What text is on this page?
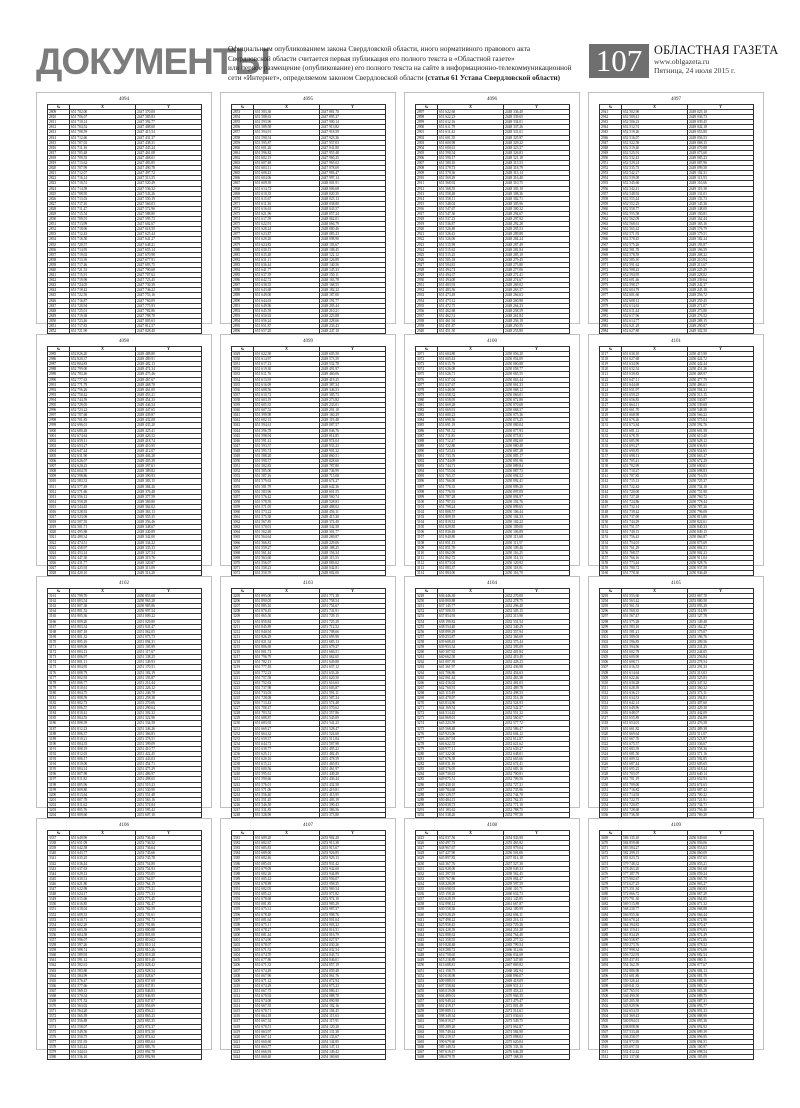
ДОКУМЕНТЫ
Официальным опубликованием закона Свердловской области, иного нормативного правового акта
Свердловской области считается первая публикация его полного текста в «Областной газете»
или первое размещение (опубликование) его полного текста на сайте в информационно-телекоммуникационной
сети «Интернет», определяемом законом Свердловской области (статья 61 Устава Свердловской области)	107 ОБЛАСТНАЯ ГАЗЕТА
www.oblgazeta.ru
Пятница, 24 июля 2015 г.
4094
№	X	Y
2809	651 702,00	2447 370,00
2810	651 706,07	2447 385,83
2811	651 710,14	2447 392,77
2812	651 704,52	2447 408,60
2813	651 708,59	2447 415,54
2814	651 712,66	2447 431,37
2815	651 707,03	2447 438,31
2816	651 711,10	2447 445,24
2817	651 705,48	2447 461,08
2818	651 709,55	2447 468,01
2819	651 713,62	2447 483,85
2820	651 707,99	2447 490,78
2821	651 712,07	2447 497,72
2822	651 716,14	2447 513,55
2823	651 710,51	2447 520,49
2824	651 714,58	2447 536,32
2825	651 708,95	2447 543,26
2826	651 713,03	2447 550,19
2827	651 717,10	2447 566,03
2828	651 711,47	2447 572,96
2829	651 715,54	2447 588,80
2830	651 709,91	2447 595,73
2831	651 713,99	2447 602,67
2832	651 718,06	2447 618,50
2833	651 712,43	2447 625,44
2834	651 716,50	2447 641,27
2835	651 720,57	2447 648,21
2836	651 714,95	2447 655,14
2837	651 719,02	2447 670,98
2838	651 713,39	2447 677,91
2839	651 717,46	2447 693,75
2840	651 721,53	2447 700,68
2841	651 715,91	2447 707,62
2842	651 719,98	2447 723,45
2843	651 724,05	2447 730,39
2844	651 718,42	2447 746,22
2845	651 722,50	2447 753,16
2846	651 716,87	2447 760,09
2847	651 720,94	2447 775,93
2848	651 725,01	2447 782,86
2849	651 719,38	2447 798,70
2850	651 723,46	2447 805,63
2851	651 717,83	2447 812,57
2852	651 721,90	2447 828,40
4095
№	X	Y
2853	651 583,30	2447 881,70
2854	651 588,63	2447 895,37
2855	651 593,96	2447 900,14
2856	651 589,58	2447 913,82
2857	651 594,91	2447 918,59
2858	651 590,54	2447 923,36
2859	651 595,87	2447 937,03
2860	651 601,20	2447 941,80
2861	651 596,82	2447 955,48
2862	651 602,15	2447 960,25
2863	651 607,48	2447 965,02
2864	651 603,11	2447 978,69
2865	651 608,43	2447 983,47
2866	651 604,06	2447 997,14
2867	651 609,39	2448 001,91
2868	651 614,72	2448 006,68
2869	651 610,35	2448 020,35
2870	651 615,67	2448 025,13
2871	651 611,30	2448 038,80
2872	651 616,63	2448 043,57
2873	651 621,96	2448 057,24
2874	651 617,59	2448 062,01
2875	651 622,91	2448 066,79
2876	651 628,24	2448 080,46
2877	651 623,87	2448 085,23
2878	651 629,20	2448 098,90
2879	651 624,83	2448 103,67
2880	651 630,15	2448 108,45
2881	651 635,48	2448 122,12
2882	651 631,11	2448 126,89
2883	651 636,44	2448 140,56
2884	651 641,77	2448 145,33
2885	651 637,39	2448 150,11
2886	651 642,72	2448 163,78
2887	651 638,35	2448 168,55
2888	651 643,68	2448 182,22
2889	651 649,00	2448 187,00
2890	651 644,63	2448 191,77
2891	651 649,96	2448 205,44
2892	651 645,59	2448 210,21
2893	651 650,92	2448 223,88
2894	651 656,24	2448 228,66
2895	651 651,87	2448 233,43
2896	651 657,20	2448 247,10
4096
№	X	Y
2897	651 622,60	2448 336,40
2898	651 622,23	2448 339,65
2899	651 612,16	2448 334,01
2900	651 611,79	2448 337,26
2901	651 611,42	2448 331,61
2902	651 601,35	2448 325,97
2903	651 600,98	2448 329,22
2904	651 600,61	2448 323,57
2905	651 590,54	2448 326,83
2906	651 590,17	2448 321,18
2907	651 580,10	2448 315,53
2908	651 579,73	2448 318,79
2909	651 579,36	2448 313,14
2910	651 569,29	2448 316,40
2911	651 568,92	2448 310,75
2912	651 568,55	2448 305,10
2913	651 558,48	2448 308,36
2914	651 558,11	2448 302,71
2915	651 548,04	2448 305,96
2916	651 547,67	2448 300,32
2917	651 547,30	2448 294,67
2918	651 537,23	2448 297,92
2919	651 536,87	2448 292,28
2920	651 526,80	2448 295,53
2921	651 526,43	2448 289,88
2922	651 526,06	2448 284,24
2923	651 515,99	2448 287,49
2924	651 515,62	2448 281,84
2925	651 515,25	2448 285,10
2926	651 505,18	2448 279,45
2927	651 504,81	2448 273,80
2928	651 494,74	2448 277,06
2929	651 494,37	2448 271,41
2930	651 494,00	2448 274,67
2931	651 483,93	2448 269,02
2932	651 483,56	2448 263,37
2933	651 473,49	2448 266,63
2934	651 473,12	2448 260,98
2935	651 472,75	2448 264,23
2936	651 462,68	2448 258,59
2937	651 462,31	2448 261,84
2938	651 461,94	2448 256,19
2939	651 451,87	2448 250,55
2940	651 451,50	2448 253,80
4097
№	X	Y
2941	652 502,90	2449 025,10
2942	652 509,41	2449 036,73
2943	652 506,23	2449 039,45
2944	652 512,74	2449 042,18
2945	652 519,26	2449 053,80
2946	652 516,07	2449 056,53
2947	652 522,58	2449 068,15
2948	652 519,40	2449 070,88
2949	652 525,91	2449 073,60
2950	652 532,43	2449 085,23
2951	652 529,24	2449 087,96
2952	652 535,75	2449 099,58
2953	652 542,27	2449 102,31
2954	652 539,08	2449 113,93
2955	652 545,60	2449 116,66
2956	652 542,41	2449 119,38
2957	652 548,92	2449 131,01
2958	652 555,44	2449 133,73
2959	652 552,25	2449 145,36
2960	652 558,77	2449 148,09
2961	652 555,58	2449 150,81
2962	652 562,09	2449 162,44
2963	652 568,61	2449 165,16
2964	652 565,42	2449 176,79
2965	652 571,93	2449 179,51
2966	652 578,45	2449 182,24
2967	652 575,26	2449 193,87
2968	652 581,78	2449 196,59
2969	652 578,59	2449 208,22
2970	652 585,10	2449 210,94
2971	652 591,62	2449 213,67
2972	652 588,43	2449 225,29
2973	652 594,95	2449 228,02
2974	652 601,46	2449 239,64
2975	652 598,27	2449 242,37
2976	652 604,79	2449 245,10
2977	652 601,60	2449 256,72
2978	652 608,12	2449 259,45
2979	652 614,63	2449 271,07
2980	652 611,44	2449 273,80
2981	652 617,96	2449 276,52
2982	652 614,77	2449 288,15
2983	652 621,29	2449 290,87
2984	652 627,80	2449 302,50
4098
№	X	Y
2985	652 826,20	2449 488,80
2986	652 820,37	2449 489,91
2987	652 804,83	2449 482,13
2988	652 799,00	2449 474,34
2989	652 783,46	2449 475,46
2990	652 777,63	2449 467,67
2991	652 771,79	2449 468,78
2992	652 756,26	2449 461,00
2993	652 750,42	2449 453,21
2994	652 744,59	2449 454,33
2995	652 729,05	2449 446,54
2996	652 723,22	2449 447,65
2997	652 707,68	2449 439,87
2998	652 701,85	2449 432,08
2999	652 696,01	2449 433,20
3000	652 680,48	2449 425,41
3001	652 674,64	2449 426,52
3002	652 659,11	2449 418,74
3003	652 653,27	2449 410,95
3004	652 647,44	2449 412,07
3005	652 631,90	2449 404,28
3006	652 626,07	2449 405,39
3007	652 620,23	2449 397,61
3008	652 604,70	2449 389,82
3009	652 598,86	2449 390,93
3010	652 583,33	2449 383,15
3011	652 577,49	2449 384,26
3012	652 571,66	2449 376,48
3013	652 556,12	2449 377,59
3014	652 550,29	2449 369,80
3015	652 544,45	2449 362,02
3016	652 528,92	2449 363,13
3017	652 523,08	2449 355,35
3018	652 507,55	2449 356,46
3019	652 501,71	2449 348,67
3020	652 495,88	2449 340,89
3021	652 480,34	2449 342,00
3022	652 474,51	2449 334,22
3023	652 458,97	2449 335,33
3024	652 453,14	2449 327,54
3025	652 447,30	2449 319,76
3026	652 431,77	2449 320,87
3027	652 425,93	2449 313,09
3028	652 420,10	2449 314,20
4099
№	X	Y
3029	651 622,50	2449 605,50
3030	651 614,97	2449 573,59
3031	651 617,13	2449 532,78
3032	651 619,30	2449 491,97
3033	651 611,76	2449 460,06
3034	651 613,93	2449 419,25
3035	651 616,09	2449 387,34
3036	651 608,56	2449 346,53
3037	651 610,72	2449 305,73
3038	651 603,19	2449 273,82
3039	651 605,35	2449 233,01
3040	651 607,52	2449 201,10
3041	651 599,98	2449 160,29
3042	651 602,15	2449 119,48
3043	651 594,61	2449 087,57
3044	651 596,78	2449 046,76
3045	651 598,94	2449 014,85
3046	651 591,41	2448 974,04
3047	651 593,57	2448 933,23
3048	651 595,74	2448 901,32
3049	651 588,20	2448 860,51
3050	651 590,37	2448 828,60
3051	651 582,83	2448 787,80
3052	651 585,00	2448 746,99
3053	651 587,16	2448 715,08
3054	651 579,63	2448 674,27
3055	651 581,79	2448 642,36
3056	651 583,96	2448 601,55
3057	651 576,42	2448 560,74
3058	651 578,59	2448 528,83
3059	651 571,05	2448 488,02
3060	651 573,22	2448 456,11
3061	651 575,38	2448 415,30
3062	651 567,85	2448 374,49
3063	651 570,01	2448 342,58
3064	651 562,48	2448 301,77
3065	651 564,64	2448 269,87
3066	651 566,81	2448 229,06
3067	651 559,27	2448 188,25
3068	651 561,44	2448 156,34
3069	651 563,60	2448 115,53
3070	651 556,07	2448 083,62
3071	651 558,23	2448 042,81
3072	651 550,70	2448 002,00
4100
№	X	Y
3071	651 604,80	2450 056,20
3072	651 605,43	2450 054,09
3073	651 615,76	2450 060,88
3074	651 626,08	2450 058,77
3075	651 626,71	2450 065,55
3076	651 637,04	2450 063,44
3077	651 637,67	2450 061,33
3078	651 648,00	2450 068,12
3079	651 658,32	2450 066,01
3080	651 658,95	2450 072,80
3081	651 669,28	2450 070,68
3082	651 669,91	2450 068,57
3083	651 680,23	2450 075,36
3084	651 690,56	2450 073,25
3085	651 691,19	2450 080,04
3086	651 701,52	2450 077,93
3087	651 711,85	2450 075,81
3088	651 712,47	2450 082,60
3089	651 722,80	2450 080,49
3090	651 723,43	2450 087,28
3091	651 733,76	2450 085,17
3092	651 744,09	2450 091,96
3093	651 744,71	2450 089,84
3094	651 755,04	2450 087,73
3095	651 765,37	2450 094,52
3096	651 766,00	2450 092,41
3097	651 776,33	2450 099,20
3098	651 776,95	2450 097,09
3099	651 787,28	2450 094,97
3100	651 797,61	2450 101,76
3101	651 798,24	2450 099,65
3102	651 808,57	2450 106,44
3103	651 809,19	2450 104,33
3104	651 819,52	2450 102,22
3105	651 829,85	2450 109,00
3106	651 830,48	2450 106,89
3107	651 840,80	2450 113,68
3108	651 851,13	2450 111,57
3109	651 851,76	2450 109,46
3110	651 862,09	2450 116,25
3111	651 862,72	2450 114,13
3112	651 873,04	2450 120,92
3113	651 883,37	2450 118,81
3114	651 884,00	2450 116,70
4101
№	X	Y
3117	651 630,10	2450 415,90
3118	651 627,68	2450 424,72
3119	651 634,96	2450 442,44
3120	651 632,54	2450 451,26
3121	651 639,83	2450 468,97
3122	651 647,11	2450 477,79
3123	651 644,69	2450 486,61
3124	651 651,97	2450 504,33
3125	651 659,25	2450 513,15
3126	651 656,83	2450 530,87
3127	651 664,11	2450 539,69
3128	651 661,70	2450 548,50
3129	651 668,98	2450 566,22
3130	651 676,26	2450 575,04
3131	651 673,84	2450 592,76
3132	651 681,12	2450 601,58
3133	651 678,70	2450 610,40
3134	651 685,98	2450 628,12
3135	651 693,27	2450 636,93
3136	651 690,85	2450 654,65
3137	651 698,13	2450 663,47
3138	651 705,41	2450 672,29
3139	651 702,99	2450 690,01
3140	651 710,27	2450 698,83
3141	651 707,85	2450 716,55
3142	651 715,13	2450 725,37
3143	651 722,42	2450 734,18
3144	651 720,00	2450 751,90
3145	651 727,28	2450 760,72
3146	651 724,86	2450 778,44
3147	651 732,14	2450 787,26
3148	651 739,42	2450 796,08
3149	651 737,00	2450 813,80
3150	651 744,29	2450 822,61
3151	651 751,57	2450 840,33
3152	651 749,15	2450 849,15
3153	651 756,43	2450 866,87
3154	651 754,01	2450 875,69
3155	651 761,29	2450 884,51
3156	651 768,57	2450 902,23
3157	651 766,16	2450 911,04
3158	651 773,44	2450 928,76
3159	651 780,72	2450 937,58
3160	651 778,30	2450 946,40
4102
№	X	Y
3161	651 799,70	2450 953,60
3162	651 803,54	2450 965,28
3163	651 807,38	2450 985,86
3164	651 801,52	2450 997,54
3165	651 805,36	2451 009,22
3166	651 809,20	2451 029,80
3167	651 803,34	2451 041,47
3168	651 807,18	2451 062,05
3169	651 801,32	2451 073,73
3170	651 805,16	2451 094,31
3171	651 809,00	2451 105,99
3172	651 803,13	2451 117,67
3173	651 806,97	2451 138,25
3174	651 801,11	2451 149,93
3175	651 804,95	2451 170,51
3176	651 808,79	2451 182,19
3177	651 802,93	2451 193,87
3178	651 806,77	2451 214,44
3179	651 810,61	2451 226,12
3180	651 804,75	2451 246,70
3181	651 808,59	2451 258,38
3182	651 802,73	2451 270,06
3183	651 806,57	2451 290,64
3184	651 810,41	2451 302,32
3185	651 804,55	2451 322,90
3186	651 808,39	2451 334,58
3187	651 812,23	2451 346,26
3188	651 806,37	2451 366,83
3189	651 810,21	2451 378,51
3190	651 804,35	2451 399,09
3191	651 808,19	2451 410,77
3192	651 812,03	2451 422,45
3193	651 806,17	2451 443,03
3194	651 810,00	2451 454,71
3195	651 804,14	2451 475,29
3196	651 807,98	2451 486,97
3197	651 811,82	2451 498,65
3198	651 805,96	2451 519,23
3199	651 809,80	2451 530,90
3200	651 813,64	2451 551,48
3201	651 807,78	2451 563,16
3202	651 811,62	2451 574,84
3203	651 805,76	2451 595,42
3204	651 809,60	2451 607,10
4103
№	X	Y
3205	651 895,00	2451 771,30
3206	651 890,05	2451 758,54
3207	651 885,10	2451 754,67
3208	651 870,45	2451 741,91
3209	651 865,50	2451 729,15
3210	651 850,84	2451 725,29
3211	651 845,89	2451 712,52
3212	651 840,94	2451 708,66
3213	651 826,29	2451 695,90
3214	651 821,34	2451 683,13
3215	651 806,69	2451 679,27
3216	651 801,74	2451 666,51
3217	651 796,79	2451 662,65
3218	651 782,13	2451 649,88
3219	651 777,18	2451 637,12
3220	651 772,23	2451 633,26
3221	651 757,58	2451 620,50
3222	651 752,63	2451 616,63
3223	651 737,98	2451 603,87
3224	651 733,03	2451 591,11
3225	651 728,08	2451 587,24
3226	651 713,43	2451 574,48
3227	651 708,47	2451 570,62
3228	651 703,52	2451 557,86
3229	651 688,87	2451 545,09
3230	651 683,92	2451 541,23
3231	651 669,27	2451 528,47
3232	651 664,32	2451 524,60
3233	651 659,37	2451 511,84
3234	651 644,72	2451 507,98
3235	651 639,77	2451 495,22
3236	651 625,11	2451 482,45
3237	651 620,16	2451 478,59
3238	651 615,21	2451 465,83
3239	651 600,56	2451 461,97
3240	651 595,61	2451 449,20
3241	651 590,66	2451 436,44
3242	651 576,01	2451 432,58
3243	651 571,06	2451 419,81
3244	651 556,40	2451 415,95
3245	651 551,45	2451 403,19
3246	651 546,50	2451 390,43
3247	651 531,85	2451 386,56
3248	651 526,90	2451 373,80
4104
№	X	Y
3249	636 446,30	2452 270,00
3250	636 800,88	2452 278,75
3251	637 145,77	2452 296,40
3252	637 500,35	2452 305,15
3253	637 854,93	2452 313,90
3254	638 199,82	2452 331,54
3255	638 554,40	2452 340,29
3256	638 899,29	2452 357,94
3257	639 253,87	2452 366,69
3258	639 608,45	2452 375,44
3259	639 953,34	2452 393,09
3260	640 307,92	2452 401,84
3261	640 662,50	2452 419,49
3262	641 007,39	2452 428,23
3263	641 361,97	2452 436,98
3264	641 706,86	2452 454,63
3265	642 061,44	2452 463,38
3266	642 416,02	2452 481,03
3267	642 760,91	2452 489,78
3268	643 115,49	2452 498,53
3269	643 470,07	2452 516,18
3270	643 814,96	2452 524,93
3271	644 169,54	2452 542,57
3272	644 514,43	2452 551,32
3273	644 869,01	2452 560,07
3274	645 223,59	2452 577,72
3275	645 568,48	2452 586,47
3276	645 923,06	2452 604,12
3277	646 267,94	2452 612,87
3278	646 622,53	2452 621,62
3279	646 977,11	2452 639,27
3280	647 322,00	2452 648,01
3281	647 676,58	2452 665,66
3282	648 031,16	2452 674,41
3283	648 376,05	2452 683,16
3284	648 730,63	2452 700,81
3285	649 075,51	2452 709,56
3286	649 430,10	2452 727,21
3287	649 784,68	2452 735,96
3288	650 129,57	2452 744,70
3289	650 484,15	2452 762,35
3290	650 838,73	2452 771,10
3291	651 183,62	2452 788,75
3292	651 538,20	2452 797,50
4105
№	X	Y
3293	651 555,60	2453 067,70
3294	651 563,42	2453 080,50
3295	651 561,53	2453 093,29
3296	651 569,35	2453 114,99
3297	651 567,47	2453 127,78
3298	651 575,28	2453 149,48
3299	651 583,10	2453 162,27
3300	651 581,21	2453 175,07
3301	651 589,03	2453 196,76
3302	651 596,85	2453 209,56
3303	651 594,96	2453 231,25
3304	651 602,78	2453 244,05
3305	651 600,90	2453 256,84
3306	651 608,71	2453 278,54
3307	651 616,53	2453 291,33
3308	651 614,64	2453 313,03
3309	651 622,46	2453 325,83
3310	651 630,28	2453 347,52
3311	651 628,39	2453 360,32
3312	651 636,21	2453 373,11
3313	651 634,33	2453 394,81
3314	651 642,14	2453 407,60
3315	651 649,96	2453 429,30
3316	651 648,07	2453 442,09
3317	651 655,89	2453 454,89
3318	651 654,01	2453 476,58
3319	651 661,82	2453 489,38
3320	651 669,64	2453 511,07
3321	651 667,76	2453 523,87
3322	651 675,57	2453 536,67
3323	651 683,39	2453 558,36
3324	651 681,50	2453 571,16
3325	651 689,32	2453 592,85
3326	651 687,44	2453 605,65
3327	651 695,25	2453 618,44
3328	651 703,07	2453 640,14
3329	651 701,19	2453 652,93
3330	651 709,00	2453 674,63
3331	651 716,82	2453 687,42
3332	651 714,93	2453 700,22
3333	651 722,75	2453 721,91
3334	651 720,87	2453 734,71
3335	651 728,68	2453 756,40
3336	651 736,50	2453 769,20
4106
№	X	Y
3337	651 649,90	2453 736,40
3338	651 651,09	2453 736,52
3339	651 642,58	2453 736,64
3340	651 643,77	2453 745,66
3341	651 635,25	2453 745,78
3342	651 636,44	2453 754,80
3343	651 637,63	2453 754,93
3344	651 629,12	2453 755,05
3345	651 630,31	2453 764,07
3346	651 621,80	2453 764,19
3347	651 622,98	2453 773,21
3348	651 624,17	2453 773,33
3349	651 615,66	2453 773,45
3350	651 616,85	2453 782,47
3351	651 618,04	2453 782,59
3352	651 609,53	2453 791,61
3353	651 610,71	2453 791,73
3354	651 602,20	2453 791,86
3355	651 603,39	2453 800,88
3356	651 604,58	2453 801,00
3357	651 596,07	2453 810,02
3358	651 597,26	2453 810,14
3359	651 588,74	2453 810,26
3360	651 589,93	2453 819,28
3361	651 591,12	2453 819,40
3362	651 582,61	2453 828,42
3363	651 583,80	2453 828,54
3364	651 584,99	2453 828,67
3365	651 576,47	2453 837,69
3366	651 577,66	2453 837,81
3367	651 569,15	2453 846,83
3368	651 570,34	2453 846,95
3369	651 571,53	2453 847,07
3370	651 563,02	2453 856,09
3371	651 564,20	2453 856,21
3372	651 565,39	2453 865,23
3373	651 556,88	2453 865,35
3374	651 558,07	2453 874,37
3375	651 549,56	2453 874,50
3376	651 550,75	2453 874,62
3377	651 551,93	2453 883,64
3378	651 543,42	2453 883,76
3379	651 544,61	2453 892,78
3380	651 536,10	2453 892,90
4107
№	X	Y
3381	651 689,20	2453 902,20
3382	651 682,67	2453 913,38
3383	651 685,83	2453 915,67
3384	651 689,00	2453 926,85
3385	651 682,46	2453 929,13
3386	651 685,63	2453 931,42
3387	651 679,09	2453 942,60
3388	651 682,26	2453 944,89
3389	651 685,42	2453 956,07
3390	651 678,89	2453 958,35
3391	651 682,05	2453 969,54
3392	651 685,22	2453 971,82
3393	651 678,68	2453 974,10
3394	651 681,85	2453 985,29
3395	651 675,31	2453 987,57
3396	651 678,48	2453 998,76
3397	651 681,64	2454 001,04
3398	651 675,11	2454 003,32
3399	651 678,27	2454 014,51
3400	651 681,44	2454 016,79
3401	651 674,90	2454 027,97
3402	651 678,07	2454 030,26
3403	651 671,53	2454 032,54
3404	651 674,70	2454 043,73
3405	651 677,86	2454 046,01
3406	651 671,33	2454 057,19
3407	651 674,49	2454 059,48
3408	651 667,96	2454 061,76
3409	651 671,12	2454 072,94
3410	651 674,29	2454 075,23
3411	651 667,75	2454 086,41
3412	651 670,92	2454 088,70
3413	651 674,08	2454 090,98
3414	651 667,55	2454 102,16
3415	651 670,71	2454 104,45
3416	651 664,18	2454 115,63
3417	651 667,34	2454 117,91
3418	651 670,51	2454 120,20
3419	651 663,97	2454 131,38
3420	651 667,14	2454 133,67
3421	651 660,60	2454 144,85
3422	651 663,77	2454 147,13
3423	651 666,93	2454 149,42
3424	651 660,40	2454 160,60
4108
№	X	Y
3425	652 037,50	2454 943,90
3426	650 497,73	2455 465,92
3427	648 967,67	2455 979,04
3428	647 427,90	2456 501,06
3429	645 897,83	2457 014,18
3430	644 367,76	2457 527,30
3431	642 828,00	2458 049,33
3432	641 297,93	2458 562,45
3433	639 767,86	2459 084,47
3434	638 228,09	2459 597,59
3435	636 698,03	2460 110,71
3436	635 158,26	2460 632,73
3437	633 628,19	2461 145,85
3438	632 098,12	2461 667,87
3439	630 558,36	2462 180,99
3440	629 028,29	2462 694,11
3441	627 498,22	2463 216,13
3442	625 958,45	2463 729,26
3443	624 428,39	2464 251,28
3444	622 888,62	2464 764,40
3445	621 358,55	2465 277,52
3446	619 828,48	2465 799,54
3447	618 288,72	2466 312,66
3448	616 758,65	2466 834,68
3449	615 218,88	2467 347,80
3450	613 688,81	2467 869,82
3451	612 158,75	2468 382,94
3452	610 618,98	2468 896,07
3453	609 088,91	2469 418,09
3454	607 558,84	2469 931,21
3455	606 019,08	2470 453,23
3456	604 489,01	2470 966,35
3457	602 949,24	2471 479,47
3458	601 419,17	2472 001,49
3459	599 889,11	2472 514,61
3460	598 349,34	2473 036,63
3461	596 819,27	2473 549,75
3462	595 289,20	2474 062,87
3463	593 749,44	2474 584,90
3464	592 219,37	2475 098,02
3465	590 679,60	2475 620,04
3466	589 149,53	2476 133,16
3467	587 619,47	2476 646,28
3468	586 079,70	2477 168,30
4109
№	X	Y
3469	586 135,10	2456 049,60
3470	584 859,68	2456 056,06
3471	583 584,27	2456 053,63
3472	582 299,15	2456 060,09
3473	581 023,73	2456 057,65
3474	579 748,32	2456 055,21
3475	578 463,20	2456 061,68
3476	577 187,79	2456 059,24
3477	575 902,67	2456 065,70
3478	574 627,25	2456 063,27
3479	573 351,84	2456 060,83
3480	572 066,72	2456 067,29
3481	570 791,30	2456 064,85
3482	569 515,89	2456 071,32
3483	568 230,77	2456 068,88
3484	566 955,36	2456 066,44
3485	565 670,24	2456 072,90
3486	564 394,82	2456 070,47
3487	563 119,41	2456 076,93
3488	561 834,29	2456 074,49
3489	560 558,87	2456 072,06
3490	559 273,76	2456 078,52
3491	557 998,34	2456 076,08
3492	556 722,93	2456 082,54
3493	555 437,81	2456 080,11
3494	554 162,39	2456 077,67
3495	552 886,98	2456 084,13
3496	551 601,86	2456 081,70
3497	550 326,44	2456 088,16
3498	549 041,33	2456 085,72
3499	547 765,91	2456 083,28
3500	546 490,50	2456 089,75
3501	545 205,38	2456 087,31
3502	543 929,96	2456 093,77
3503	542 654,55	2456 091,33
3504	541 369,43	2456 088,90
3505	540 094,01	2456 095,36
3506	538 808,90	2456 092,92
3507	537 533,48	2456 099,39
3508	536 258,07	2456 096,95
3509	534 972,95	2456 094,51
3510	533 697,53	2456 100,97
3511	532 412,42	2456 098,54
3512	531 137,00	2456 105,00
